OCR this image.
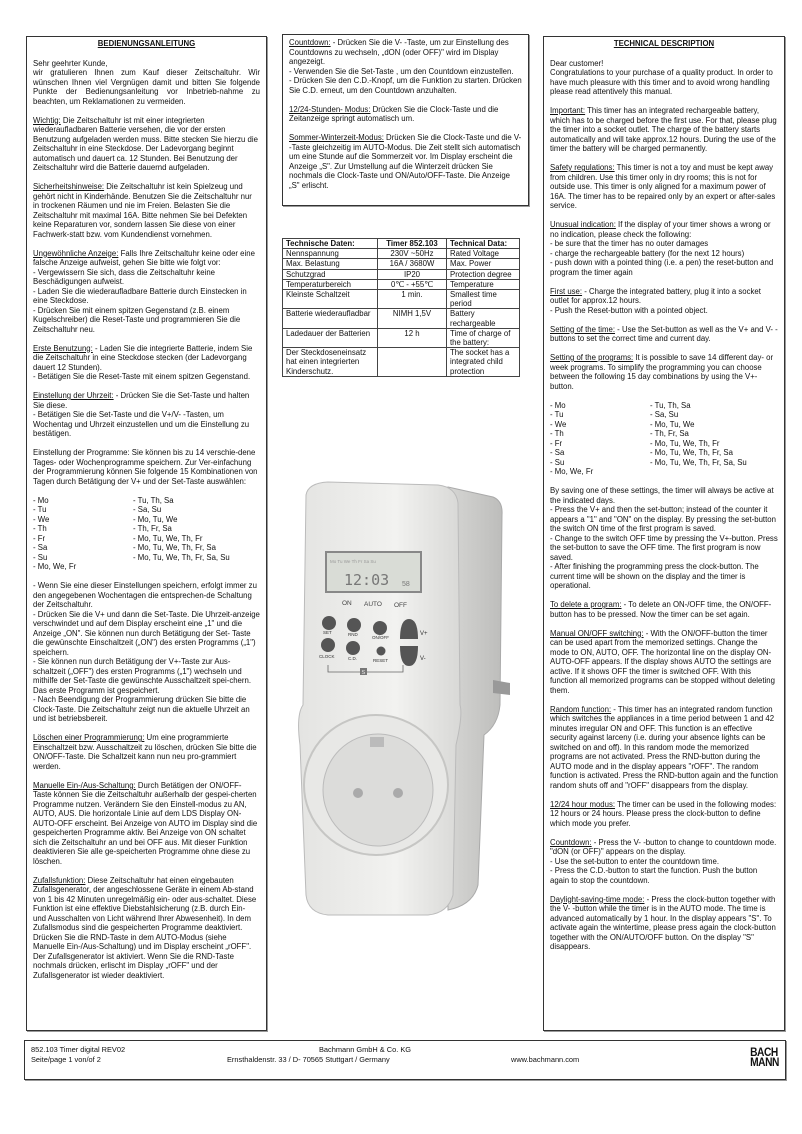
BEDIENUNGSANLEITUNG
Sehr geehrter Kunde,
wir gratulieren Ihnen zum Kauf dieser Zeitschaltuhr. Wir wünschen Ihnen viel Vergnügen damit und bitten Sie folgende Punkte der Bedienungsanleitung vor Inbetrieb-nahme zu beachten, um Reklamationen zu vermeiden.
Wichtig: Die Zeitschaltuhr ist mit einer integrierten wiederaufladbaren Batterie versehen, die vor der ersten Benutzung aufgeladen werden muss. Bitte stecken Sie hierzu die Zeitschaltuhr in eine Steckdose. Der Ladevorgang beginnt automatisch und dauert ca. 12 Stunden. Bei Benutzung der Zeitschaltuhr wird die Batterie dauernd aufgeladen.
Sicherheitshinweise: Die Zeitschaltuhr ist kein Spielzeug und gehört nicht in Kinderhände. Benutzen Sie die Zeitschaltuhr nur in trockenen Räumen und nie im Freien. Belasten Sie die Zeitschaltuhr mit maximal 16A. Bitte nehmen Sie bei Defekten keine Reparaturen vor, sondern lassen Sie diese von einer Fachwerk-statt bzw. vom Kundendienst vornehmen.
Ungewöhnliche Anzeige: Falls Ihre Zeitschaltuhr keine oder eine falsche Anzeige aufweist, gehen Sie bitte wie folgt vor:
- Vergewissern Sie sich, dass die Zeitschaltuhr keine Beschädigungen aufweist.
- Laden Sie die wiederaufladbare Batterie durch Einstecken in eine Steckdose.
- Drücken Sie mit einem spitzen Gegenstand (z.B. einem Kugelschreiber) die Reset-Taste und programmieren Sie die Zeitschaltuhr neu.
Erste Benutzung: - Laden Sie die integrierte Batterie, indem Sie die Zeitschaltuhr in eine Steckdose stecken (der Ladevorgang dauert 12 Stunden).
- Betätigen Sie die Reset-Taste mit einem spitzen Gegenstand.
Einstellung der Uhrzeit: - Drücken Sie die Set-Taste und halten Sie diese.
- Betätigen Sie die Set-Taste und die V+/V- -Tasten, um Wochentag und Uhrzeit einzustellen und um die Einstellung zu bestätigen.
Einstellung der Programme: Sie können bis zu 14 verschie-dene Tages- oder Wochenprogramme speichern. Zur Ver-einfachung der Programmierung können Sie folgende 15 Kombinationen von Tagen durch Betätigung der V+ und der Set-Taste auswählen:
- Mo	- Tu, Th, Sa
- Tu	- Sa, Su
- We	- Mo, Tu, We
- Th	- Th, Fr, Sa
- Fr	- Mo, Tu, We, Th, Fr
- Sa	- Mo, Tu, We, Th, Fr, Sa
- Su	- Mo, Tu, We, Th, Fr, Sa, Su
- Mo, We, Fr
- Wenn Sie eine dieser Einstellungen speichern, erfolgt immer zu den angegebenen Wochentagen die entsprechen-de Schaltung der Zeitschaltuhr.
- Drücken Sie die V+ und dann die Set-Taste. Die Uhrzeit-anzeige verschwindet und auf dem Display erscheint eine „1" und die Anzeige „ON". Sie können nun durch Betätigung der Set- Taste die gewünschte Einschaltzeit („ON") des ersten Programms („1") speichern.
- Sie können nun durch Betätigung der V+-Taste zur Aus-schaltzeit („OFF") des ersten Programms („1") wechseln und mithilfe der Set-Taste die gewünschte Ausschaltzeit spei-chern. Das erste Programm ist gespeichert.
- Nach Beendigung der Programmierung drücken Sie bitte die Clock-Taste. Die Zeitschaltuhr zeigt nun die aktuelle Uhrzeit an und ist betriebsbereit.
Löschen einer Programmierung: Um eine programmierte Einschaltzeit bzw. Ausschaltzeit zu löschen, drücken Sie bitte die ON/OFF-Taste. Die Schaltzeit kann nun neu pro-grammiert werden.
Manuelle Ein-/Aus-Schaltung: Durch Betätigen der ON/OFF-Taste können Sie die Zeitschaltuhr außerhalb der gespei-cherten Programme nutzen. Verändern Sie den Einstell-modus zu AN, AUTO, AUS. Die horizontale Linie auf dem LDS Display ON-AUTO-OFF erscheint. Bei Anzeige von AUTO im Display sind die gespeicherten Programme aktiv. Bei Anzeige von ON schaltet sich die Zeitschaltuhr an und bei OFF aus. Mit dieser Funktion deaktivieren Sie alle ge-speicherten Programme ohne diese zu löschen.
Zufallsfunktion: Diese Zeitschaltuhr hat einen eingebauten Zufallsgenerator, der angeschlossene Geräte in einem Ab-stand von 1 bis 42 Minuten unregelmäßig ein- oder aus-schaltet. Diese Funktion ist eine effektive Diebstahlsicherung (z.B. durch Ein- und Ausschalten von Licht während Ihrer Abwesenheit). In dem Zufallsmodus sind die gespeicherten Programme deaktiviert. Drücken Sie die RND-Taste in dem AUTO-Modus (siehe Manuelle Ein-/Aus-Schaltung) und im Display erscheint „rOFF". Der Zufallsgenerator ist aktiviert. Wenn Sie die RND-Taste nochmals drücken, erlischt im Display „rOFF" und der Zufallsgenerator ist wieder deaktiviert.
Countdown: - Drücken Sie die V- -Taste, um zur Einstellung des Countdowns zu wechseln, „dON (oder OFF)" wird im Display angezeigt.
- Verwenden Sie die Set-Taste , um den Countdown einzustellen.
- Drücken Sie den C.D.-Knopf, um die Funktion zu starten. Drücken Sie C.D. erneut, um den Countdown anzuhalten.
12/24-Stunden- Modus: Drücken Sie die Clock-Taste und die Zeitanzeige springt automatisch um.
Sommer-Winterzeit-Modus: Drücken Sie die Clock-Taste und die V- -Taste gleichzeitig im AUTO-Modus. Die Zeit stellt sich automatisch um eine Stunde auf die Sommerzeit vor. Im Display erscheint die Anzeige „S". Zur Umstellung auf die Winterzeit drücken Sie nochmals die Clock-Taste und ON/Auto/OFF-Taste. Die Anzeige „S" erlischt.
Technische Daten:	Timer 852.103	Technical Data:
Nennspannung	230V ~50Hz	Rated Voltage
Max. Belastung	16A / 3680W	Max. Power
Schutzgrad	IP20	Protection degree
Temperaturbereich	0℃ - +55℃	Temperature
Kleinste Schaltzeit	1 min.	Smallest time period
Batterie wiederaufladbar	NIMH 1,5V	Battery rechargeable
Ladedauer der Batterien	12 h	Time of charge of the battery:
Der Steckdoseneinsatz hat einen integrierten Kinderschutz.		The socket has a integrated child protection
Mo Tu We Th Fr Sa Su
12:03 58
ON AUTO OFF
SET	RND
ON/OFF
CLOCK	C.D.	RESET
V+
V-
S
TECHNICAL DESCRIPTION
Dear customer!
Congratulations to your purchase of a quality product. In order to have much pleasure with this timer and to avoid wrong handling please read attentively this manual.
Important: This timer has an integrated rechargeable battery, which has to be charged before the first use. For that, please plug the timer into a socket outlet. The charge of the battery starts automatically and will take approx.12 hours. During the use of the timer the battery will be charged permanently.
Safety regulations: This timer is not a toy and must be kept away from children. Use this timer only in dry rooms; this is not for outside use. This timer is only aligned for a maximum power of 16A. The timer has to be repaired only by an expert or after-sales service.
Unusual indication: If the display of your timer shows a wrong or no indication, please check the following:
- be sure that the timer has no outer damages
- charge the rechargeable battery (for the next 12 hours)
- push down with a pointed thing (i.e. a pen) the reset-button and program the timer again
First use: - Charge the integrated battery, plug it into a socket outlet for approx.12 hours.
- Push the Reset-button with a pointed object.
Setting of the time: - Use the Set-button as well as the V+ and V- -buttons to set the correct time and current day.
Setting of the programs: It is possible to save 14 different day- or week programs. To simplify the programming you can choose between the following 15 day combinations by using the V+-button.
- Mo	- Tu, Th, Sa
- Tu	- Sa, Su
- We	- Mo, Tu, We
- Th	- Th, Fr, Sa
- Fr	- Mo, Tu, We, Th, Fr
- Sa	- Mo, Tu, We, Th, Fr, Sa
- Su	- Mo, Tu, We, Th, Fr, Sa, Su
- Mo, We, Fr
By saving one of these settings, the timer will always be active at the indicated days.
- Press the V+ and then the set-button; instead of the counter it appears a "1" and "ON" on the display. By pressing the set-button the switch ON time of the first program is saved.
- Change to the switch OFF time by pressing the V+-button. Press the set-button to save the OFF time. The first program is now saved.
- After finishing the programming press the clock-button. The current time will be shown on the display and the timer is operational.
To delete a program: - To delete an ON-/OFF time, the ON/OFF-button has to be pressed. Now the timer can be set again.
Manual ON/OFF switching: - With the ON/OFF-button the timer can be used apart from the memorized settings. Change the mode to ON, AUTO, OFF. The horizontal line on the display ON-AUTO-OFF appears. If the display shows AUTO the settings are active. If it shows OFF the timer is switched OFF. With this function all memorized programs can be stopped without deleting them.
Random function: - This timer has an integrated random function which switches the appliances in a time period between 1 and 42 minutes irregular ON and OFF. This function is an effective security against larceny (i.e. during your absence lights can be switched on and off). In this random mode the memorized programs are not activated. Press the RND-button during the AUTO mode and in the display appears "rOFF". The random function is activated. Press the RND-button again and the function random shuts off and "rOFF" disappears from the display.
12/24 hour modus: The timer can be used in the following modes: 12 hours or 24 hours. Please press the clock-button to define which mode you prefer.
Countdown: - Press the V- -button to change to countdown mode. "dON (or OFF)" appears on the display.
- Use the set-button to enter the countdown time.
- Press the C.D.-button to start the function. Push the button again to stop the countdown.
Daylight-saving-time mode: - Press the clock-button together with the V- -button while the timer is in the AUTO mode. The time is advanced automatically by 1 hour. In the display appears "S". To activate again the wintertime, please press again the clock-button together with the ON/AUTO/OFF button. On the display "S" disappears.
852.103 Timer digital REV02
Seite/page 1 von/of 2
Bachmann GmbH & Co. KG
Ernsthaldenstr. 33 / D- 70565 Stuttgart / Germany	www.bachmann.com
BACH
MANN
